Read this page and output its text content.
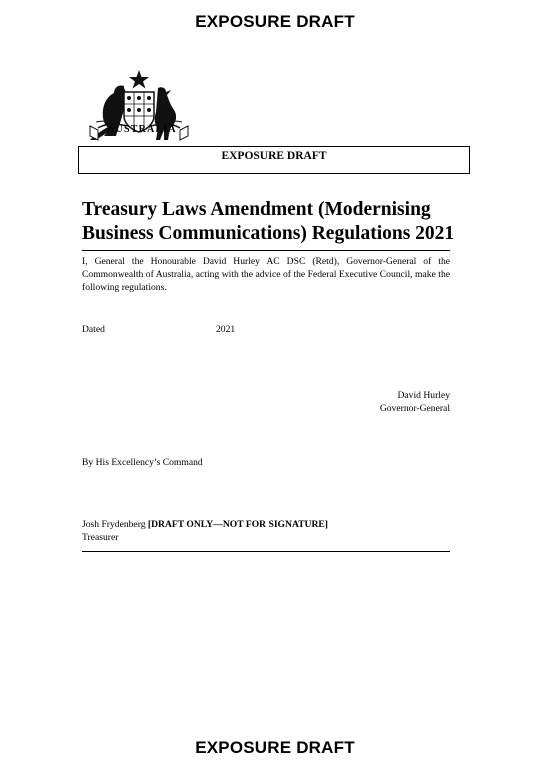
EXPOSURE DRAFT
AUSTRALIA
EXPOSURE DRAFT
Treasury Laws Amendment (Modernising Business Communications) Regulations 2021
I, General the Honourable David Hurley AC DSC (Retd), Governor-General of the Commonwealth of Australia, acting with the advice of the Federal Executive Council, make the following regulations.
Dated	2021
David Hurley
Governor-General
By His Excellency’s Command
Josh Frydenberg [DRAFT ONLY—NOT FOR SIGNATURE]
Treasurer
EXPOSURE DRAFT
